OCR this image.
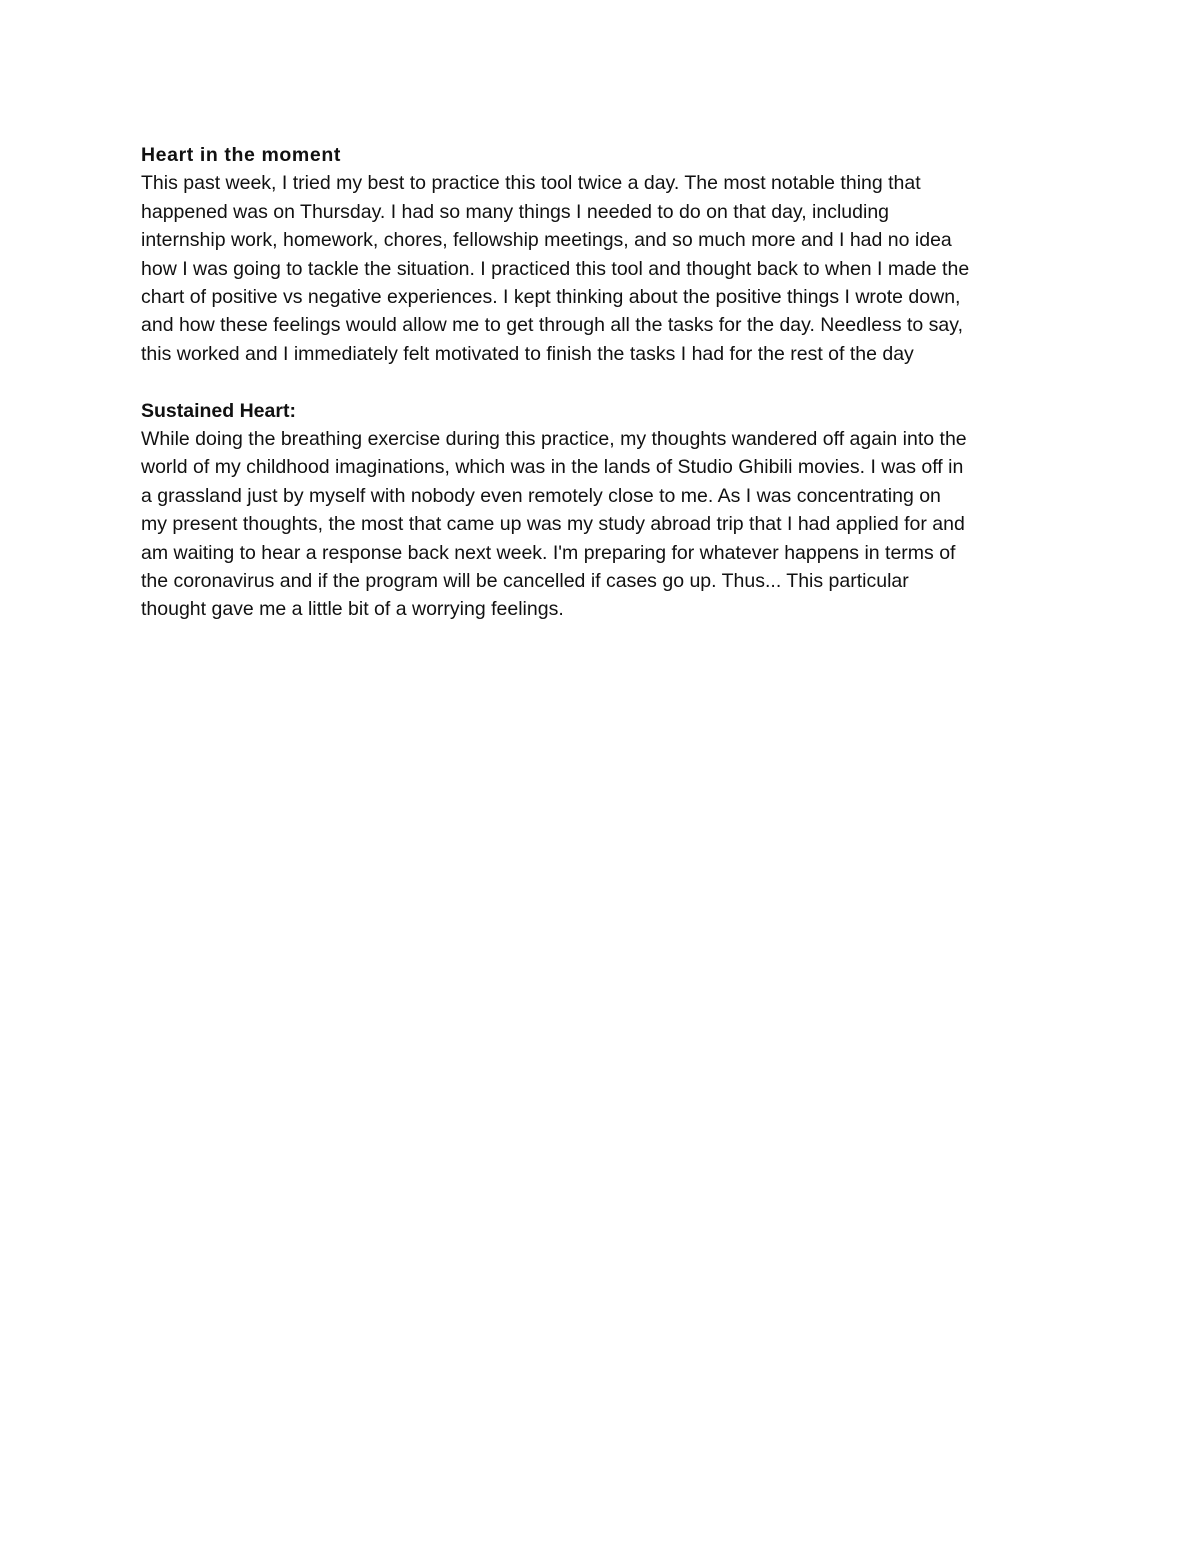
Heart in the moment
This past week, I tried my best to practice this tool twice a day. The most notable thing that
happened was on Thursday. I had so many things I needed to do on that day, including
internship work, homework, chores, fellowship meetings, and so much more and I had no idea
how I was going to tackle the situation. I practiced this tool and thought back to when I made the
chart of positive vs negative experiences. I kept thinking about the positive things I wrote down,
and how these feelings would allow me to get through all the tasks for the day. Needless to say,
this worked and I immediately felt motivated to finish the tasks I had for the rest of the day
Sustained Heart:
While doing the breathing exercise during this practice, my thoughts wandered off again into the
world of my childhood imaginations, which was in the lands of Studio Ghibili movies. I was off in
a grassland just by myself with nobody even remotely close to me. As I was concentrating on
my present thoughts, the most that came up was my study abroad trip that I had applied for and
am waiting to hear a response back next week. I'm preparing for whatever happens in terms of
the coronavirus and if the program will be cancelled if cases go up. Thus... This particular
thought gave me a little bit of a worrying feelings.
